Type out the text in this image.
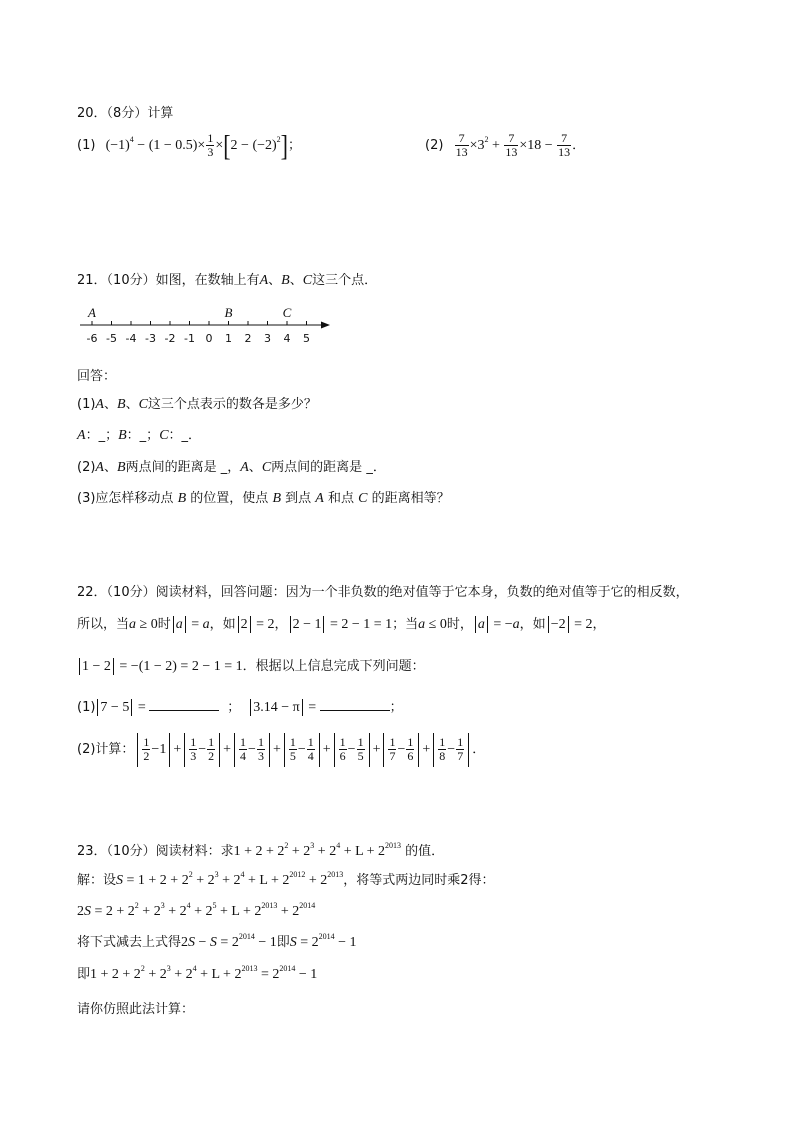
20．（8分）计算
(1) $(-1)^4 - (1 - 0.5)\times \frac{1}{3} \times[2 - (-2)^2]$；	$(2) \frac{7}{13} \times 3^2 + \frac{7}{13} \times 18 - \frac{7}{13}$ ．
21．（10分）如图，在数轴上有A、B、C这三个点．
-6 -5 -4 -3 -2 -1 0 1 2 3 4 5
A	B	C
回答：
(1)A、B、C这三个点表示的数各是多少？
A：_；B：_；C：_．
(2)A、B两点间的距离是 _，A、C两点间的距离是 _．
(3)应怎样移动点 B 的位置，使点 B 到点 A 和点 C 的距离相等？
22．（10分）阅读材料，回答问题：因为一个非负数的绝对值等于它本身，负数的绝对值等于它的相反数，
所以，当a ≥ 0时 a = a，如 2 = 2， 2 − 1 = 2 − 1 = 1；当a ≤ 0时， a = −a，如 −2 = 2，
1 − 2 = −(1 − 2) = 2 − 1 = 1．根据以上信息完成下列问题：
(1) 7 − 5 =	； 3.14 − π =	；
(2)计算： $\frac{1}{2} -1 + \frac{1}{3} - \frac{1}{2} + \frac{1}{4} - \frac{1}{3} + \frac{1}{5} - \frac{1}{4} + \frac{1}{6} - \frac{1}{5} + \frac{1}{7} - \frac{1}{6} + \frac{1}{8} - \frac{1}{7}$ ．
23．（10分）阅读材料：求$1 + 2 + 2^2 + 2^3 + 2^4 + L + 2^{2013}$ 的值．
解：设$S = 1 + 2 + 2^2 + 2^3 + 2^4 + L + 2^{2012} + 2^{2013}$，将等式两边同时乘2得：
$2S = 2 + 2^2 + 2^3 + 2^4 + 2^5 + L + 2^{2013} + 2^{2014}$
将下式减去上式得$2S - S = 2^{2014} - 1$即$S = 2^{2014} - 1$
即$1 + 2 + 2^2 + 2^3 + 2^4 + L + 2^{2013} = 2^{2014} - 1$
请你仿照此法计算：
